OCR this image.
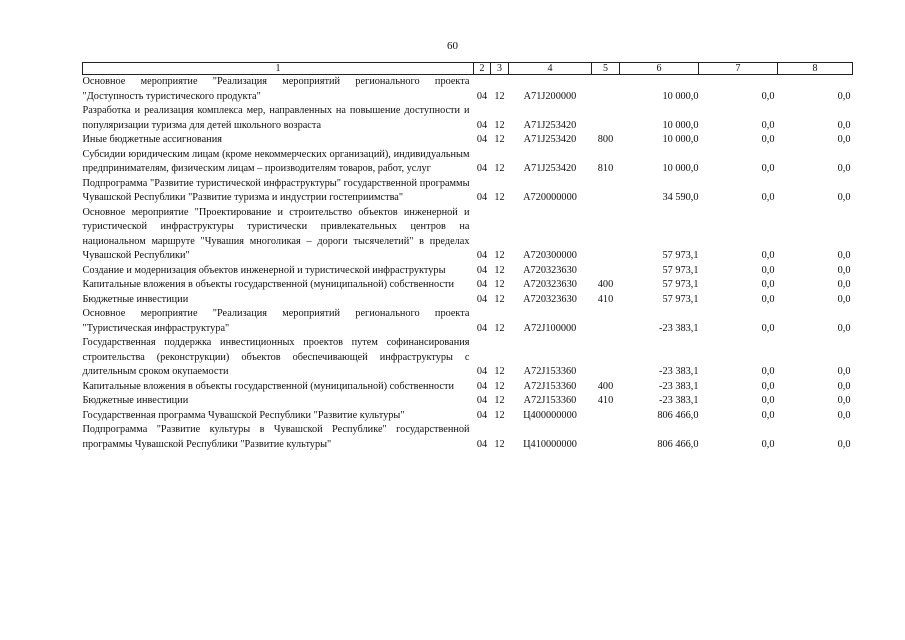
60
1	2	3	4	5	6	7	8
Основное мероприятие "Реализация мероприятий регионального проекта "Доступность туристического продукта"	04	12	А71J200000		10 000,0	0,0	0,0
Разработка и реализация комплекса мер, направленных на повышение доступности и популяризации туризма для детей школьного возраста	04	12	А71J253420		10 000,0	0,0	0,0
Иные бюджетные ассигнования	04	12	А71J253420	800	10 000,0	0,0	0,0
Субсидии юридическим лицам (кроме некоммерческих организаций), индивидуальным предпринимателям, физическим лицам – производителям товаров, работ, услуг	04	12	А71J253420	810	10 000,0	0,0	0,0
Подпрограмма "Развитие туристической инфраструктуры" государственной программы Чувашской Республики "Развитие туризма и индустрии гостеприимства"	04	12	А720000000		34 590,0	0,0	0,0
Основное мероприятие "Проектирование и строительство объектов инженерной и туристической инфраструктуры туристически привлекательных центров на национальном маршруте "Чувашия многоликая – дороги тысячелетий" в пределах Чувашской Республики"	04	12	А720300000		57 973,1	0,0	0,0
Создание и модернизация объектов инженерной и туристической инфраструктуры	04	12	А720323630		57 973,1	0,0	0,0
Капитальные вложения в объекты государственной (муниципальной) собственности	04	12	А720323630	400	57 973,1	0,0	0,0
Бюджетные инвестиции	04	12	А720323630	410	57 973,1	0,0	0,0
Основное мероприятие "Реализация мероприятий регионального проекта "Туристическая инфраструктура"	04	12	А72J100000		-23 383,1	0,0	0,0
Государственная поддержка инвестиционных проектов путем софинансирования строительства (реконструкции) объектов обеспечивающей инфраструктуры с длительным сроком окупаемости	04	12	А72J153360		-23 383,1	0,0	0,0
Капитальные вложения в объекты государственной (муниципальной) собственности	04	12	А72J153360	400	-23 383,1	0,0	0,0
Бюджетные инвестиции	04	12	А72J153360	410	-23 383,1	0,0	0,0
Государственная программа Чувашской Республики "Развитие культуры"	04	12	Ц400000000		806 466,0	0,0	0,0
Подпрограмма "Развитие культуры в Чувашской Республике" государственной программы Чувашской Республики "Развитие культуры"	04	12	Ц410000000		806 466,0	0,0	0,0
